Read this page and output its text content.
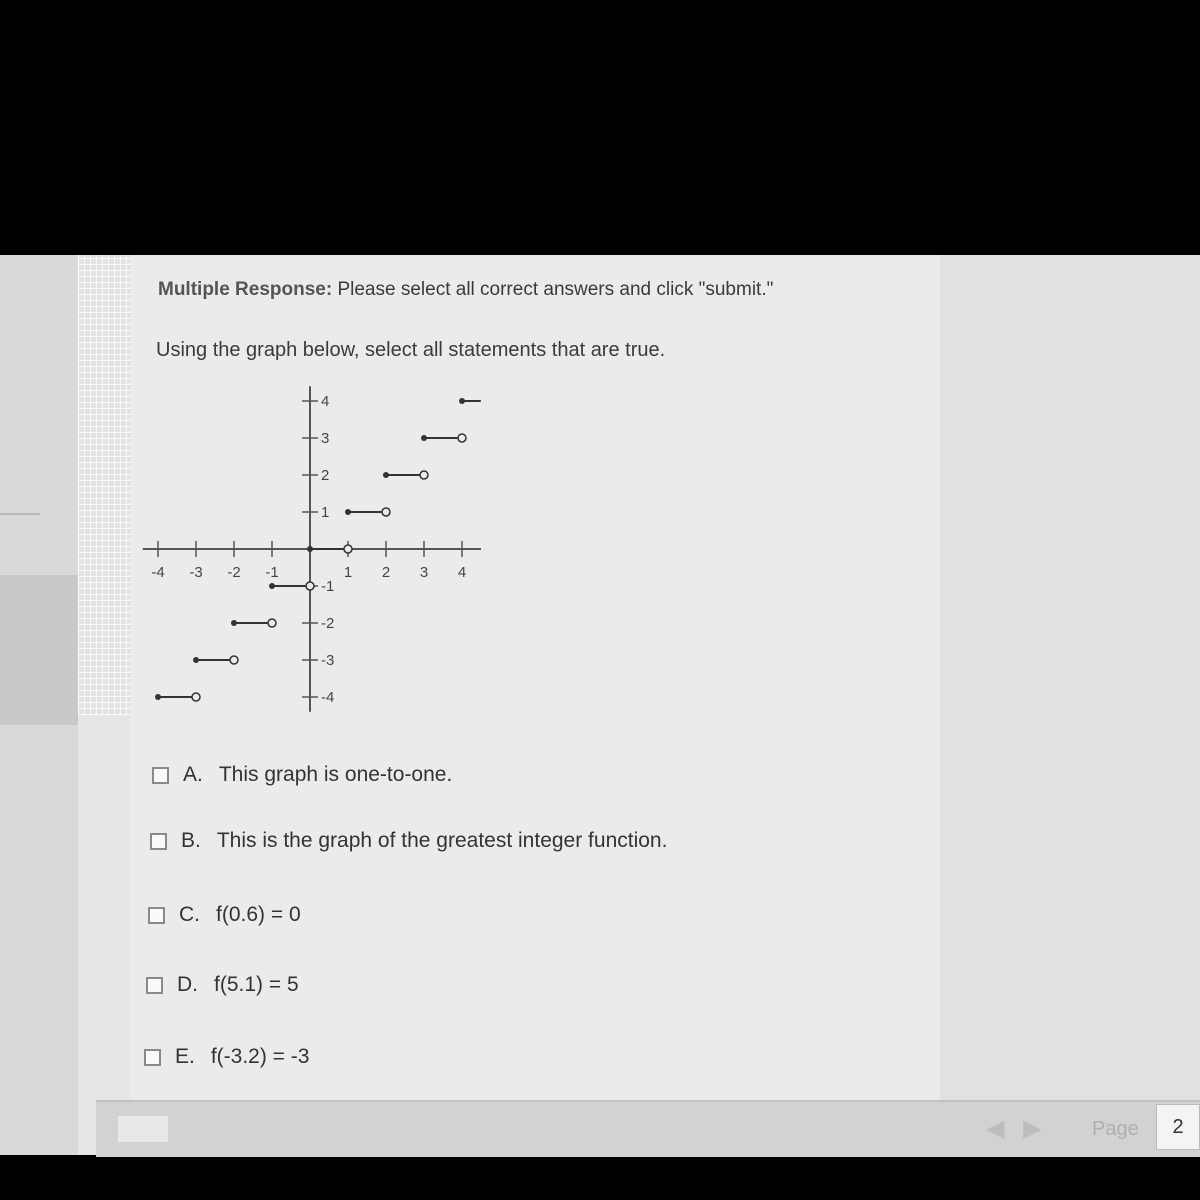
Multiple Response: Please select all correct answers and click "submit."
Using the graph below, select all statements that are true.
-4 -3 -2 -1	1 2 3 4
4
3
2
1
-1
-2
-3
-4
A. This graph is one-to-one.
B. This is the graph of the greatest integer function.
C. f(0.6) = 0
D. f(5.1) = 5
E. f(-3.2) = -3
◀ ▶ Page	2
